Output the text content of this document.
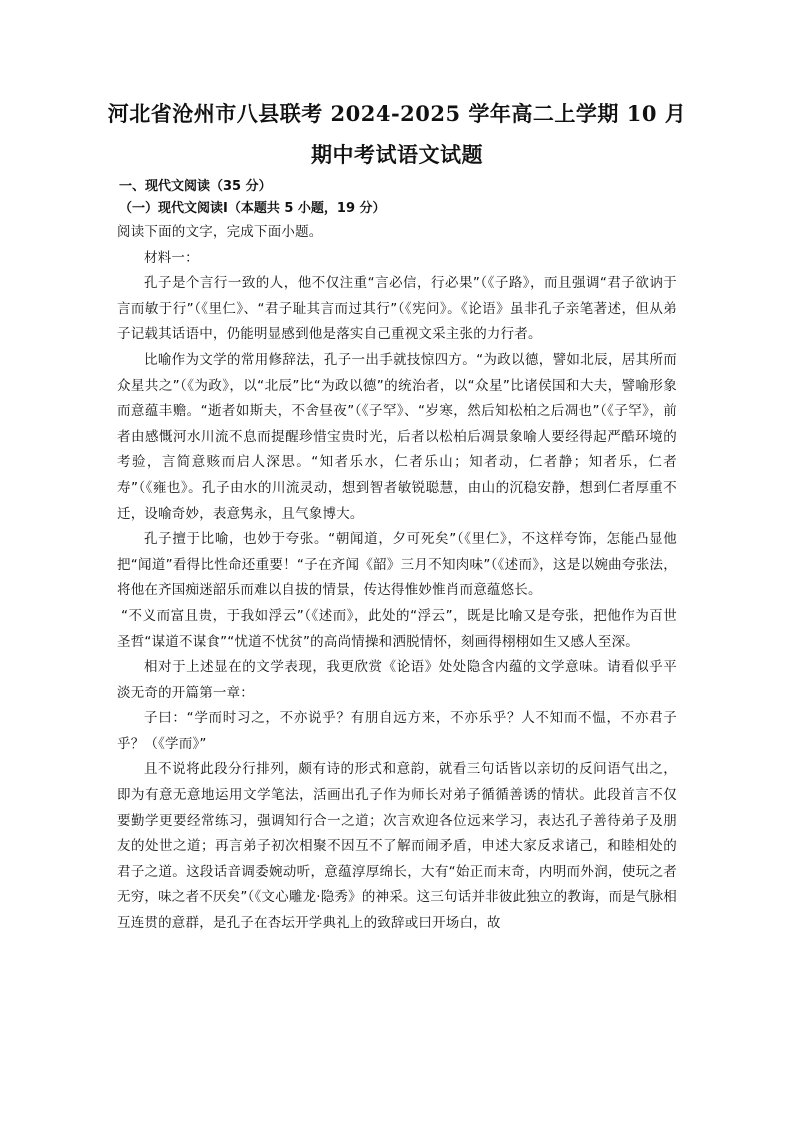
河北省沧州市八县联考 2024-2025 学年高二上学期 10 月
期中考试语文试题

一、现代文阅读（35 分）

（一）现代文阅读Ⅰ（本题共 5 小题，19 分）

阅读下面的文字，完成下面小题。

材料一：

孔子是个言行一致的人，他不仅注重“言必信，行必果”（《子路》，而且强调“君子欲讷于言而敏于行”（《里仁》、“君子耻其言而过其行”（《宪问》。《论语》虽非孔子亲笔著述，但从弟子记载其话语中，仍能明显感到他是落实自己重视文采主张的力行者。

比喻作为文学的常用修辞法，孔子一出手就技惊四方。“为政以德，譬如北辰，居其所而众星共之”（《为政》，以“北辰”比“为政以德”的统治者，以“众星”比诸侯国和大夫，譬喻形象而意蕴丰赡。“逝者如斯夫，不舍昼夜”（《子罕》、“岁寒，然后知松柏之后凋也”（《子罕》，前者由感慨河水川流不息而提醒珍惜宝贵时光，后者以松柏后凋景象喻人要经得起严酷环境的考验，言简意赅而启人深思。“知者乐水，仁者乐山；知者动，仁者静；知者乐，仁者寿”（《雍也》。孔子由水的川流灵动，想到智者敏锐聪慧，由山的沉稳安静，想到仁者厚重不迁，设喻奇妙，表意隽永，且气象博大。

孔子擅于比喻，也妙于夸张。“朝闻道，夕可死矣”（《里仁》，不这样夸饰，怎能凸显他把“闻道”看得比性命还重要！“子在齐闻《韶》三月不知肉味”（《述而》，这是以婉曲夸张法，将他在齐国痴迷韶乐而难以自拔的情景，传达得惟妙惟肖而意蕴悠长。

“不义而富且贵，于我如浮云”（《述而》，此处的“浮云”，既是比喻又是夸张，把他作为百世圣哲“谋道不谋食”“忧道不忧贫”的高尚情操和洒脱情怀，刻画得栩栩如生又感人至深。

相对于上述显在的文学表现，我更欣赏《论语》处处隐含内蕴的文学意味。请看似乎平淡无奇的开篇第一章：

子曰：“学而时习之，不亦说乎？有朋自远方来，不亦乐乎？人不知而不愠，不亦君子乎？（《学而》”

且不说将此段分行排列，颇有诗的形式和意韵，就看三句话皆以亲切的反问语气出之，即为有意无意地运用文学笔法，活画出孔子作为师长对弟子循循善诱的情状。此段首言不仅要勤学更要经常练习，强调知行合一之道；次言欢迎各位远来学习，表达孔子善待弟子及朋友的处世之道；再言弟子初次相聚不因互不了解而闹矛盾，申述大家反求诸己，和睦相处的君子之道。这段话音调委婉动听，意蕴淳厚绵长，大有“始正而末奇，内明而外润，使玩之者无穷，味之者不厌矣”（《文心雕龙·隐秀》的神采。这三句话并非彼此独立的教诲，而是气脉相互连贯的意群，是孔子在杏坛开学典礼上的致辞或曰开场白，故
